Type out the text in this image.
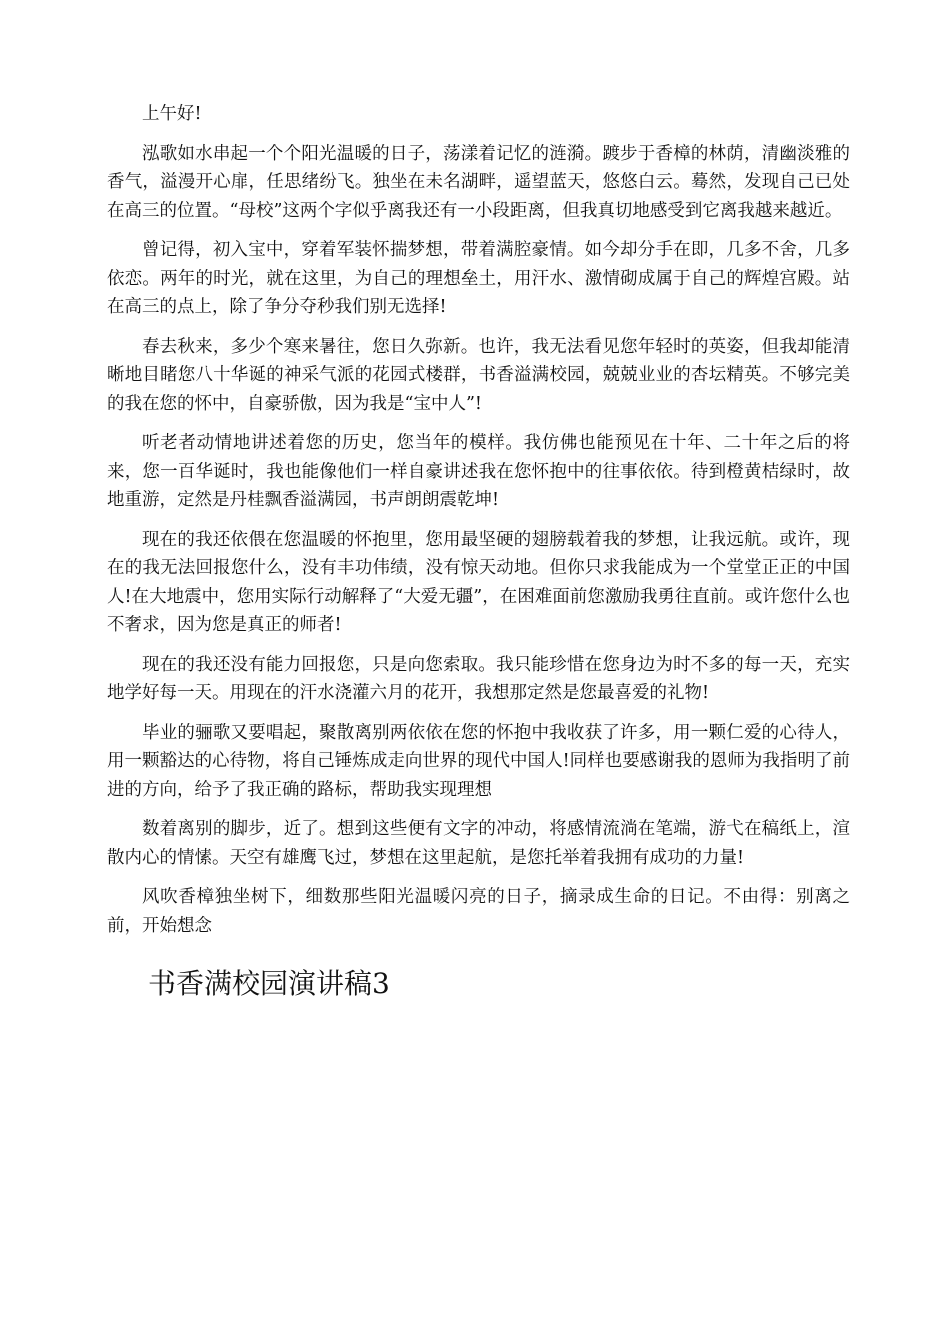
上午好!

泓歌如水串起一个个阳光温暖的日子，荡漾着记忆的涟漪。踱步于香樟的林荫，清幽淡雅的香气，溢漫开心扉，任思绪纷飞。独坐在未名湖畔，遥望蓝天，悠悠白云。蓦然，发现自己已处在高三的位置。“母校”这两个字似乎离我还有一小段距离，但我真切地感受到它离我越来越近。

曾记得，初入宝中，穿着军装怀揣梦想，带着满腔豪情。如今却分手在即，几多不舍，几多依恋。两年的时光，就在这里，为自己的理想垒土，用汗水、激情砌成属于自己的辉煌宫殿。站在高三的点上，除了争分夺秒我们别无选择!

春去秋来，多少个寒来暑往，您日久弥新。也许，我无法看见您年轻时的英姿，但我却能清晰地目睹您八十华诞的神采气派的花园式楼群，书香溢满校园，兢兢业业的杏坛精英。不够完美的我在您的怀中，自豪骄傲，因为我是“宝中人”!

听老者动情地讲述着您的历史，您当年的模样。我仿佛也能预见在十年、二十年之后的将来，您一百华诞时，我也能像他们一样自豪讲述我在您怀抱中的往事依依。待到橙黄桔绿时，故地重游，定然是丹桂飘香溢满园，书声朗朗震乾坤!

现在的我还依偎在您温暖的怀抱里，您用最坚硬的翅膀载着我的梦想，让我远航。或许，现在的我无法回报您什么，没有丰功伟绩，没有惊天动地。但你只求我能成为一个堂堂正正的中国人!在大地震中，您用实际行动解释了“大爱无疆”，在困难面前您激励我勇往直前。或许您什么也不奢求，因为您是真正的师者!

现在的我还没有能力回报您，只是向您索取。我只能珍惜在您身边为时不多的每一天，充实地学好每一天。用现在的汗水浇灌六月的花开，我想那定然是您最喜爱的礼物!

毕业的骊歌又要唱起，聚散离别两依依在您的怀抱中我收获了许多，用一颗仁爱的心待人，用一颗豁达的心待物，将自己锤炼成走向世界的现代中国人!同样也要感谢我的恩师为我指明了前进的方向，给予了我正确的路标，帮助我实现理想

数着离别的脚步，近了。想到这些便有文字的冲动，将感情流淌在笔端，游弋在稿纸上，渲散内心的情愫。天空有雄鹰飞过，梦想在这里起航，是您托举着我拥有成功的力量!

风吹香樟独坐树下，细数那些阳光温暖闪亮的日子，摘录成生命的日记。不由得：别离之前，开始想念

书香满校园演讲稿3
